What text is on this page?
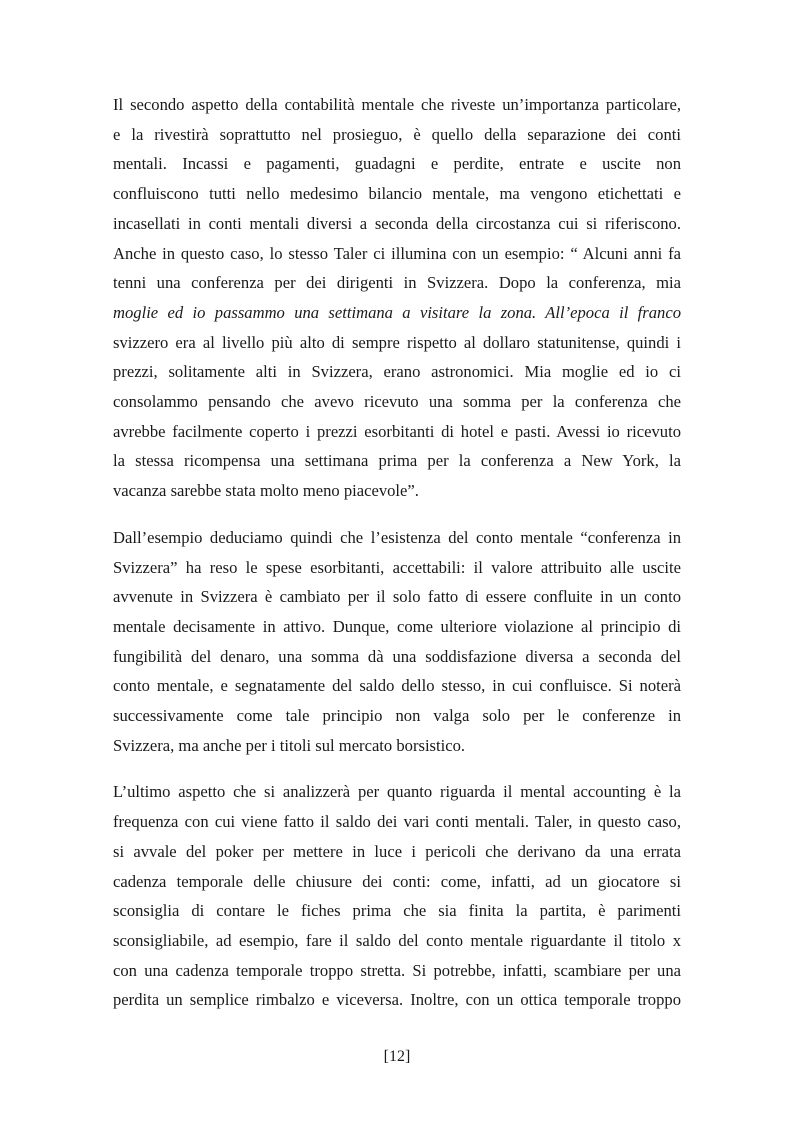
Il secondo aspetto della contabilità mentale che riveste un’importanza particolare,
e la rivestirà soprattutto nel prosieguo, è quello della separazione dei conti
mentali. Incassi e pagamenti, guadagni e perdite, entrate e uscite non
confluiscono tutti nello medesimo bilancio mentale, ma vengono etichettati e
incasellati in conti mentali diversi a seconda della circostanza cui si riferiscono.
Anche in questo caso, lo stesso Taler ci illumina con un esempio: “ Alcuni anni fa
tenni una conferenza per dei dirigenti in Svizzera. Dopo la conferenza, mia
moglie ed io passammo una settimana a visitare la zona. All’epoca il franco
svizzero era al livello più alto di sempre rispetto al dollaro statunitense, quindi i
prezzi, solitamente alti in Svizzera, erano astronomici. Mia moglie ed io ci
consolammo pensando che avevo ricevuto una somma per la conferenza che
avrebbe facilmente coperto i prezzi esorbitanti di hotel e pasti. Avessi io ricevuto
la stessa ricompensa una settimana prima per la conferenza a New York, la
vacanza sarebbe stata molto meno piacevole”.

Dall’esempio deduciamo quindi che l’esistenza del conto mentale “conferenza in
Svizzera” ha reso le spese esorbitanti, accettabili: il valore attribuito alle uscite
avvenute in Svizzera è cambiato per il solo fatto di essere confluite in un conto
mentale decisamente in attivo. Dunque, come ulteriore violazione al principio di
fungibilità del denaro, una somma dà una soddisfazione diversa a seconda del
conto mentale, e segnatamente del saldo dello stesso, in cui confluisce. Si noterà
successivamente come tale principio non valga solo per le conferenze in
Svizzera, ma anche per i titoli sul mercato borsistico.

L’ultimo aspetto che si analizzerà per quanto riguarda il mental accounting è la
frequenza con cui viene fatto il saldo dei vari conti mentali. Taler, in questo caso,
si avvale del poker per mettere in luce i pericoli che derivano da una errata
cadenza temporale delle chiusure dei conti: come, infatti, ad un giocatore si
sconsiglia di contare le fiches prima che sia finita la partita, è parimenti
sconsigliabile, ad esempio, fare il saldo del conto mentale riguardante il titolo x
con una cadenza temporale troppo stretta. Si potrebbe, infatti, scambiare per una
perdita un semplice rimbalzo e viceversa. Inoltre, con un ottica temporale troppo

[12]
